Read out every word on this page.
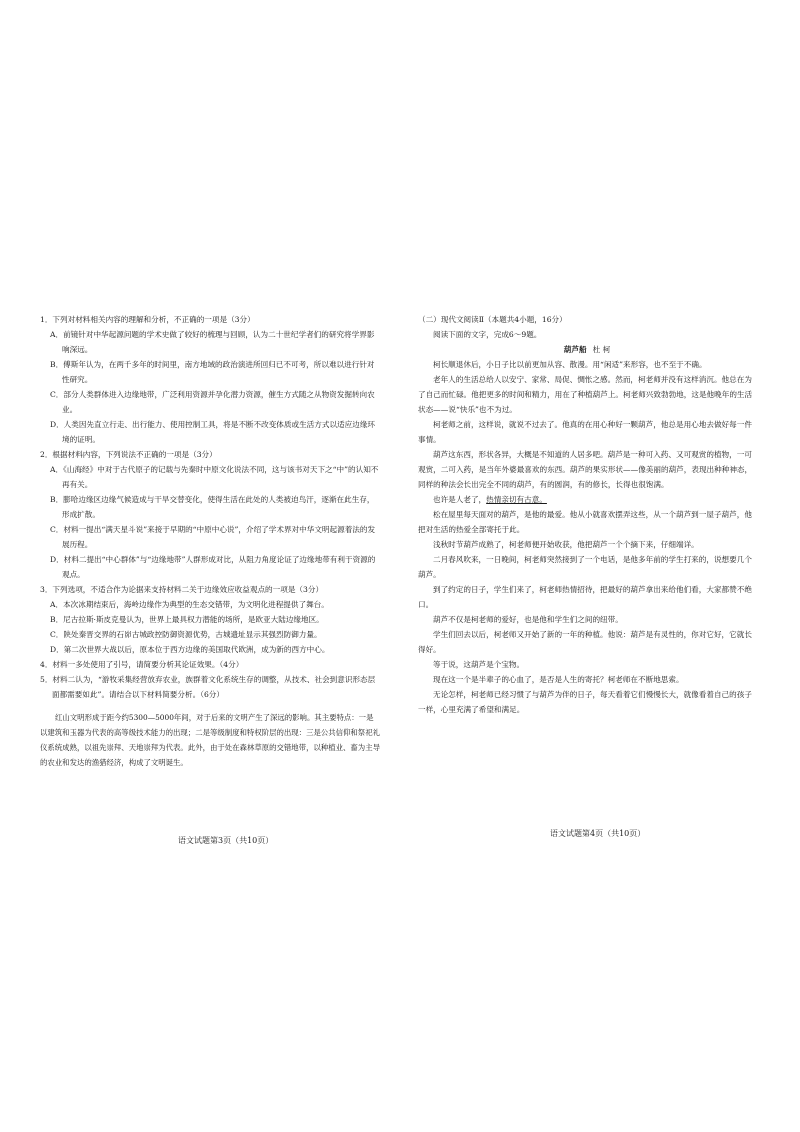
1．下列对材料相关内容的理解和分析，不正确的一项是（3分）

A．前镜针对中华起源问题的学术史做了较好的梳理与回顾，认为二十世纪学者们的研究将学界影响深远。

B．傅斯年认为，在两千多年的时间里，南方地域的政治演进所回归已不可考，所以难以进行针对性研究。

C．部分人类群体进入边缘地带，广泛利用资源并孕化潜力资源，催生方式随之从物资发掘转向农业。

D．人类因先直立行走、出行能力、使用控制工具，将是不断不改变体质或生活方式以适应边缘环境的证明。

2．根据材料内容，下列说法不正确的一项是（3分）

A．《山海经》中对于古代原子的记载与先秦时中原文化说法不同，这与该书对天下之“中”的认知不再有关。

B．膨哈边缘区边缘气候造成与干旱交替变化，使得生活在此处的人类被迫鸟汗，逐渐在此生存，形成扩散。

C．材料一提出“满天星斗说”来接于早期的“中原中心说”，介绍了学术界对中华文明起源着法的发展历程。

D．材料二提出“中心群体”与“边缘地带”人群形成对比，从阻力角度论证了边缘地带有利于资源的观点。

3．下列选项，不适合作为论据来支持材料二关于边缘效应收益观点的一项是（3分）

A．本次冰期结束后，海岭边缘作为典型的生态交错带，为文明化进程提供了舞台。

B．尼古拉斯·斯皮克曼认为，世界上最具权力潜能的场所，是欧亚大陆边缘地区。

C．陕处秦晋交界的石峁古城政控防御资源优势，古城遗址显示其强烈防御力量。

D．第二次世界大战以后，原本位于西方边缘的美国取代欧洲，成为新的西方中心。

4．材料一多处使用了引号，请简要分析其论证效果。（4分）

5．材料二认为，“游牧采集经营放弃农业，族群着文化系统生存的调整，从技术、社会到意识形态层面都需要如此”。请结合以下材料简要分析。（6分）

红山文明形成于距今约5300—5000年间，对于后来的文明产生了深远的影响。其主要特点：一是以建筑和玉器为代表的高等级技术能力的出现；二是等级制度和特权阶层的出现：三是公共信仰和祭祀礼仪系统成熟，以祖先崇拜、天地崇拜为代表。此外，由于处在森林草原的交错地带，以种植业、畜为主导的农业和发达的渔猎经济，构成了文明诞生。

语文试题第3页（共10页）

（二）现代文阅读Ⅱ（本题共4小题，16分）

阅读下面的文字，完成6～9题。

葫芦船 杜 柯

柯长顺退休后，小日子比以前更加从容、散漫。用“闲适”来形容，也不至于不确。

老年人的生活总给人以安宁、家常、局促、惆怅之感。然而，柯老师并没有这样消沉。他总在为了自己而忙碌。他把更多的时间和精力，用在了种植葫芦上。柯老师兴致勃勃地，这是他晚年的生活状态——说“快乐”也不为过。

柯老师之前，这样说，就说不过去了。他真的在用心种好一颗葫芦，他总是用心地去做好每一件事情。

葫芦这东西，形状各异，大概是不知道的人居多吧。葫芦是一种可入药、又可观赏的植物，一可观赏，二可入药，是当年外婆最喜欢的东西。葫芦的果实形状——像美丽的葫芦，表现出种种神态，同样的种法会长出完全不同的葫芦，有的圆润，有的修长，长得也很饱满。

也许是人老了，热情亲切有古意。

松在屋里每天面对的葫芦，是他的最爱。他从小就喜欢摆弄这些，从一个葫芦到一屋子葫芦，他把对生活的热爱全部寄托于此。

浅秋时节葫芦成熟了，柯老师便开始收获，他把葫芦一个个摘下来，仔细端详。

二月春风吹来，一日晚间，柯老师突然接到了一个电话，是他多年前的学生打来的，说想要几个葫芦。

到了约定的日子，学生们来了，柯老师热情招待，把最好的葫芦拿出来给他们看，大家都赞不绝口。

葫芦不仅是柯老师的爱好，也是他和学生们之间的纽带。

学生们回去以后，柯老师又开始了新的一年的种植。他说：葫芦是有灵性的，你对它好，它就长得好。

等于说，这葫芦是个宝物。

现在这一个是半辈子的心血了，是否是人生的寄托？柯老师在不断地思索。

无论怎样，柯老师已经习惯了与葫芦为伴的日子，每天看着它们慢慢长大，就像看着自己的孩子一样，心里充满了希望和满足。

语文试题第4页（共10页）
